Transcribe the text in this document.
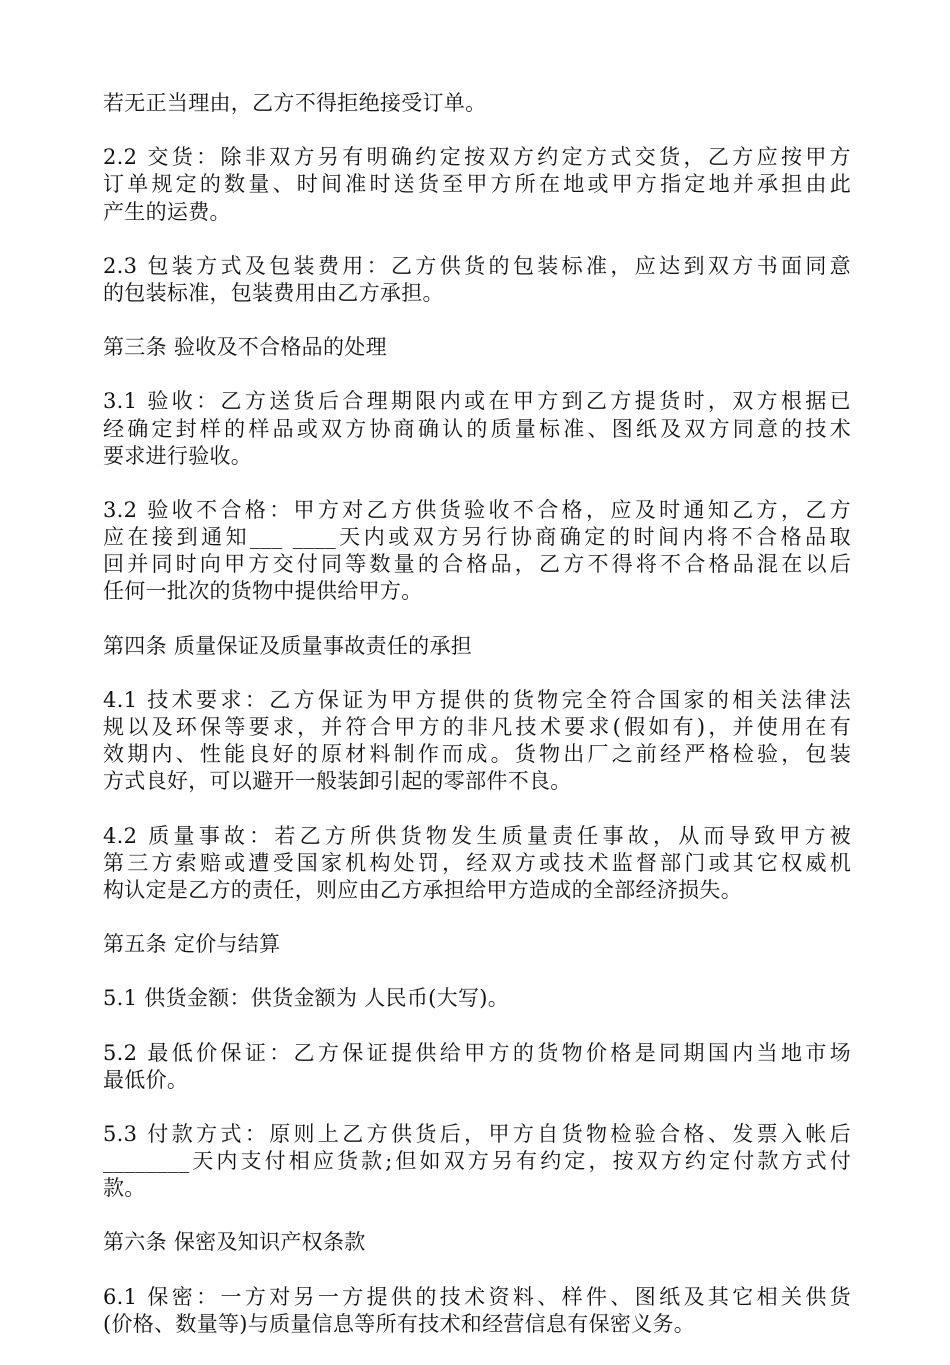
若无正当理由，乙方不得拒绝接受订单。
2.2 交货：除非双方另有明确约定按双方约定方式交货，乙方应按甲方
订单规定的数量、时间准时送货至甲方所在地或甲方指定地并承担由此
产生的运费。
2.3 包装方式及包装费用：乙方供货的包装标准，应达到双方书面同意
的包装标准，包装费用由乙方承担。
第三条 验收及不合格品的处理
3.1 验收：乙方送货后合理期限内或在甲方到乙方提货时，双方根据已
经确定封样的样品或双方协商确认的质量标准、图纸及双方同意的技术
要求进行验收。
3.2 验收不合格：甲方对乙方供货验收不合格，应及时通知乙方，乙方
应在接到通知___ ____天内或双方另行协商确定的时间内将不合格品取
回并同时向甲方交付同等数量的合格品，乙方不得将不合格品混在以后
任何一批次的货物中提供给甲方。
第四条 质量保证及质量事故责任的承担
4.1 技术要求：乙方保证为甲方提供的货物完全符合国家的相关法律法
规以及环保等要求，并符合甲方的非凡技术要求(假如有)，并使用在有
效期内、性能良好的原材料制作而成。货物出厂之前经严格检验，包装
方式良好，可以避开一般装卸引起的零部件不良。
4.2 质量事故：若乙方所供货物发生质量责任事故，从而导致甲方被
第三方索赔或遭受国家机构处罚，经双方或技术监督部门或其它权威机
构认定是乙方的责任，则应由乙方承担给甲方造成的全部经济损失。
第五条 定价与结算
5.1 供货金额：供货金额为 人民币(大写)。
5.2 最低价保证：乙方保证提供给甲方的货物价格是同期国内当地市场
最低价。
5.3 付款方式：原则上乙方供货后，甲方自货物检验合格、发票入帐后
________天内支付相应货款;但如双方另有约定，按双方约定付款方式付
款。
第六条 保密及知识产权条款
6.1 保密：一方对另一方提供的技术资料、样件、图纸及其它相关供货
(价格、数量等)与质量信息等所有技术和经营信息有保密义务。
